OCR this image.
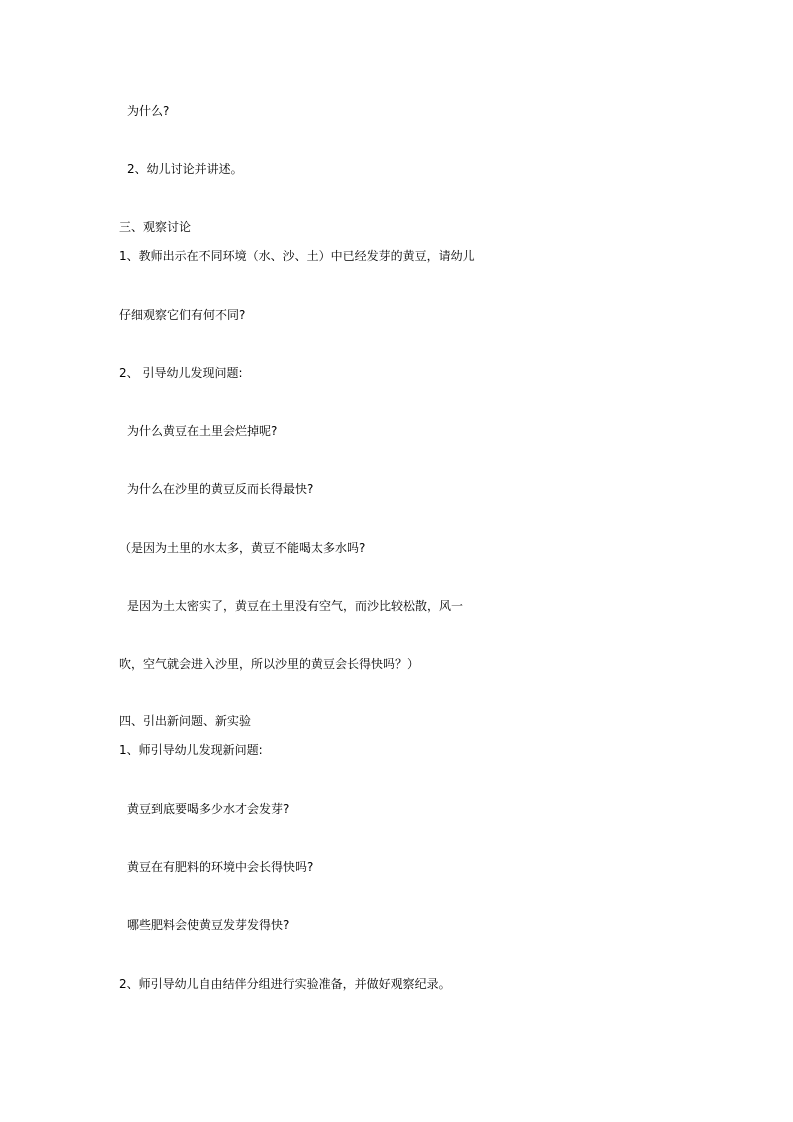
为什么?
2、幼儿讨论并讲述。
三、观察讨论
1、教师出示在不同环境（水、沙、土）中已经发芽的黄豆，请幼儿
仔细观察它们有何不同?
2、 引导幼儿发现问题:
为什么黄豆在土里会烂掉呢?
为什么在沙里的黄豆反而长得最快?
（是因为土里的水太多，黄豆不能喝太多水吗?
是因为土太密实了，黄豆在土里没有空气，而沙比较松散，风一
吹，空气就会进入沙里，所以沙里的黄豆会长得快吗？）
四、引出新问题、新实验
1、师引导幼儿发现新问题:
黄豆到底要喝多少水才会发芽?
黄豆在有肥料的环境中会长得快吗?
哪些肥料会使黄豆发芽发得快?
2、师引导幼儿自由结伴分组进行实验准备，并做好观察纪录。
